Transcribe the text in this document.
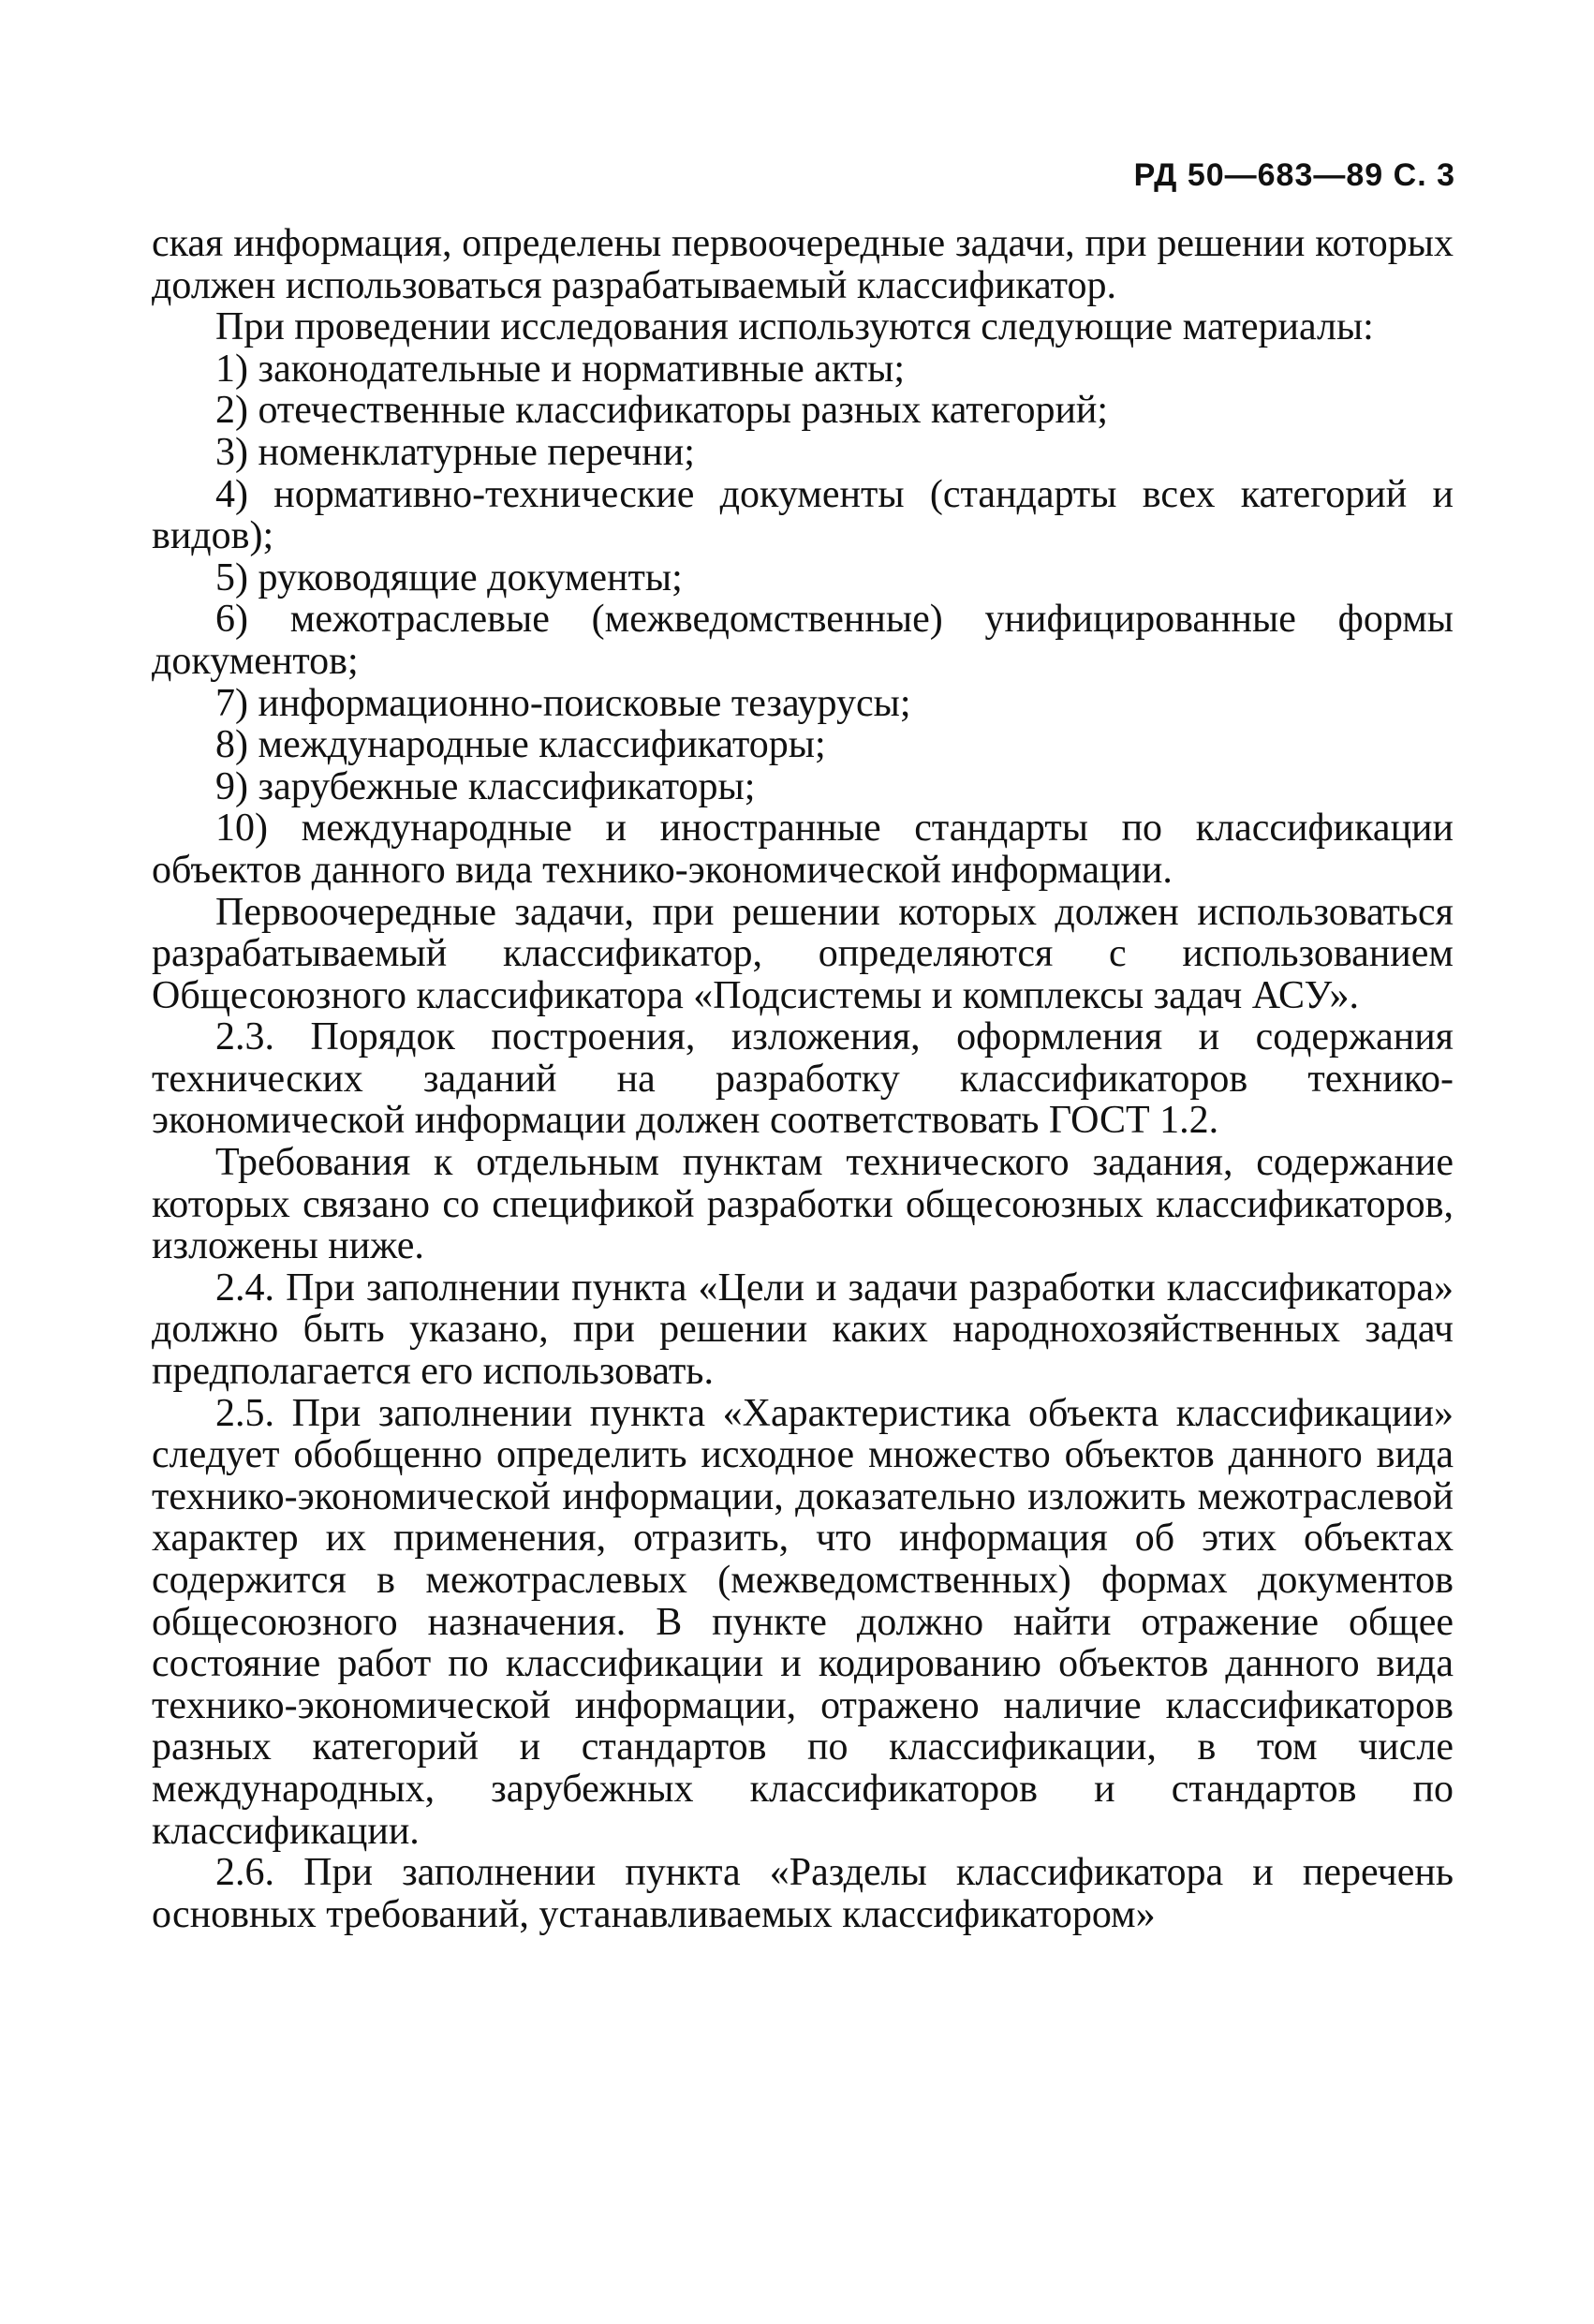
РД 50—683—89 С. 3

ская информация, определены первоочередные задачи, при решении которых должен использоваться разрабатываемый классификатор.

При проведении исследования используются следующие материалы:

1) законодательные и нормативные акты;

2) отечественные классификаторы разных категорий;

3) номенклатурные перечни;

4) нормативно-технические документы (стандарты всех категорий и видов);

5) руководящие документы;

6) межотраслевые (межведомственные) унифицированные формы документов;

7) информационно-поисковые тезаурусы;

8) международные классификаторы;

9) зарубежные классификаторы;

10) международные и иностранные стандарты по классификации объектов данного вида технико-экономической информации.

Первоочередные задачи, при решении которых должен использоваться разрабатываемый классификатор, определяются с использованием Общесоюзного классификатора «Подсистемы и комплексы задач АСУ».

2.3. Порядок построения, изложения, оформления и содержания технических заданий на разработку классификаторов технико-экономической информации должен соответствовать ГОСТ 1.2.

Требования к отдельным пунктам технического задания, содержание которых связано со спецификой разработки общесоюзных классификаторов, изложены ниже.

2.4. При заполнении пункта «Цели и задачи разработки классификатора» должно быть указано, при решении каких народнохозяйственных задач предполагается его использовать.

2.5. При заполнении пункта «Характеристика объекта классификации» следует обобщенно определить исходное множество объектов данного вида технико-экономической информации, доказательно изложить межотраслевой характер их применения, отразить, что информация об этих объектах содержится в межотраслевых (межведомственных) формах документов общесоюзного назначения. В пункте должно найти отражение общее состояние работ по классификации и кодированию объектов данного вида технико-экономической информации, отражено наличие классификаторов разных категорий и стандартов по классификации, в том числе международных, зарубежных классификаторов и стандартов по классификации.

2.6. При заполнении пункта «Разделы классификатора и перечень основных требований, устанавливаемых классификатором»
